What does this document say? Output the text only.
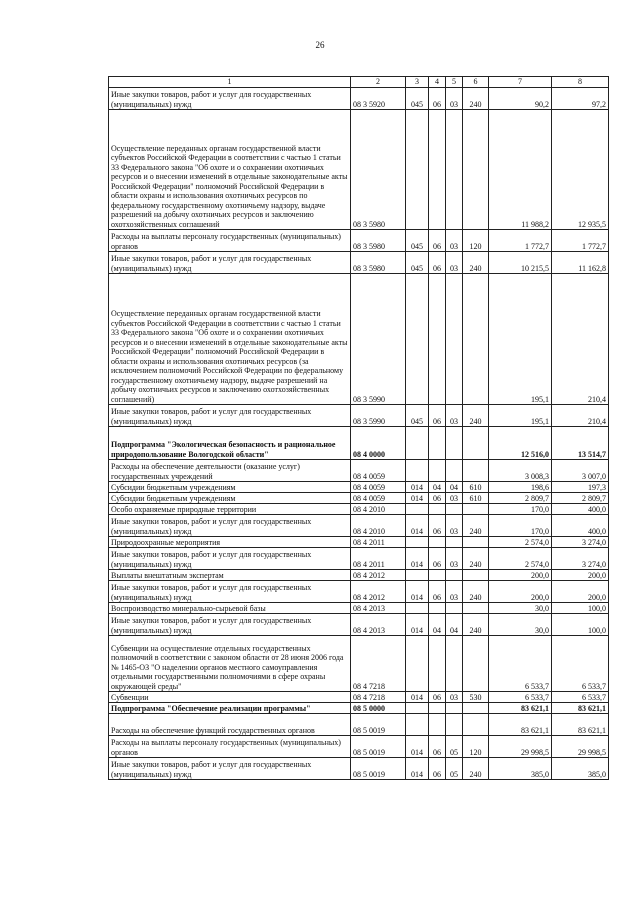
26
1	2	3	4	5	6	7	8
Иные закупки товаров, работ и услуг для государственных (муниципальных) нужд	08 3 5920	045	06	03	240	90,2	97,2
Осуществление переданных органам государственной власти субъектов Российской Федерации в соответствии с частью 1 статьи 33 Федерального закона "Об охоте и о сохранении охотничьих ресурсов и о внесении изменений в отдельные законодательные акты Российской Федерации" полномочий Российской Федерации в области охраны и использования охотничьих ресурсов по федеральному государственному охотничьему надзору, выдаче разрешений на добычу охотничьих ресурсов и заключению охотхозяйственных соглашений	08 3 5980					11 988,2	12 935,5
Расходы на выплаты персоналу государственных (муниципальных) органов	08 3 5980	045	06	03	120	1 772,7	1 772,7
Иные закупки товаров, работ и услуг для государственных (муниципальных) нужд	08 3 5980	045	06	03	240	10 215,5	11 162,8
Осуществление переданных органам государственной власти субъектов Российской Федерации в соответствии с частью 1 статьи 33 Федерального закона "Об охоте и о сохранении охотничьих ресурсов и о внесении изменений в отдельные законодательные акты Российской Федерации" полномочий Российской Федерации в области охраны и использования охотничьих ресурсов (за исключением полномочий Российской Федерации по федеральному государственному охотничьему надзору, выдаче разрешений на добычу охотничьих ресурсов и заключению охотхозяйственных соглашений)	08 3 5990					195,1	210,4
Иные закупки товаров, работ и услуг для государственных (муниципальных) нужд	08 3 5990	045	06	03	240	195,1	210,4
Подпрограмма "Экологическая безопасность и рациональное природопользование Вологодской области"	08 4 0000					12 516,0	13 514,7
Расходы на обеспечение деятельности (оказание услуг) государственных учреждений	08 4 0059					3 008,3	3 007,0
Субсидии бюджетным учреждениям	08 4 0059	014	04	04	610	198,6	197,3
Субсидии бюджетным учреждениям	08 4 0059	014	06	03	610	2 809,7	2 809,7
Особо охраняемые природные территории	08 4 2010					170,0	400,0
Иные закупки товаров, работ и услуг для государственных (муниципальных) нужд	08 4 2010	014	06	03	240	170,0	400,0
Природоохранные мероприятия	08 4 2011					2 574,0	3 274,0
Иные закупки товаров, работ и услуг для государственных (муниципальных) нужд	08 4 2011	014	06	03	240	2 574,0	3 274,0
Выплаты внештатным экспертам	08 4 2012					200,0	200,0
Иные закупки товаров, работ и услуг для государственных (муниципальных) нужд	08 4 2012	014	06	03	240	200,0	200,0
Воспроизводство минерально-сырьевой базы	08 4 2013					30,0	100,0
Иные закупки товаров, работ и услуг для государственных (муниципальных) нужд	08 4 2013	014	04	04	240	30,0	100,0
Субвенции на осуществление отдельных государственных полномочий в соответствии с законом области от 28 июня 2006 года № 1465-ОЗ "О наделении органов местного самоуправления отдельными государственными полномочиями в сфере охраны окружающей среды"	08 4 7218					6 533,7	6 533,7
Субвенции	08 4 7218	014	06	03	530	6 533,7	6 533,7
Подпрограмма "Обеспечение реализации программы"	08 5 0000					83 621,1	83 621,1
Расходы на обеспечение функций государственных органов	08 5 0019					83 621,1	83 621,1
Расходы на выплаты персоналу государственных (муниципальных) органов	08 5 0019	014	06	05	120	29 998,5	29 998,5
Иные закупки товаров, работ и услуг для государственных (муниципальных) нужд	08 5 0019	014	06	05	240	385,0	385,0
